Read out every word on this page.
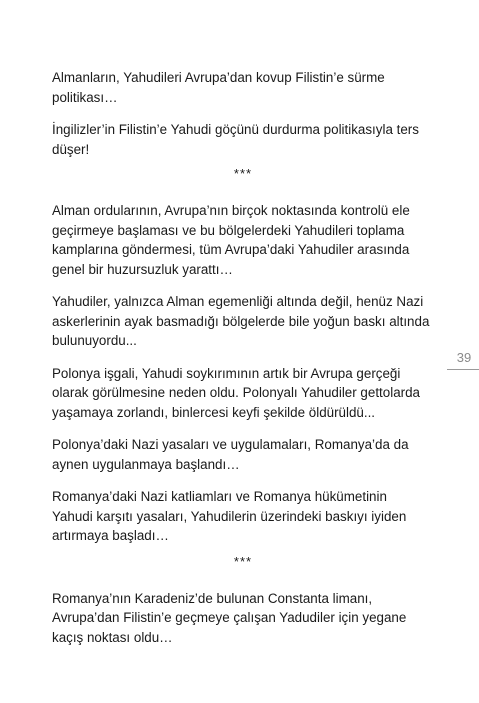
Almanların, Yahudileri Avrupa’dan kovup Filistin’e sürme politikası…

İngilizler’in Filistin’e Yahudi göçünü durdurma politikasıyla ters düşer!

***

Alman ordularının, Avrupa’nın birçok noktasında kontrolü ele geçirmeye başlaması ve bu bölgelerdeki Yahudileri toplama kamplarına göndermesi, tüm Avrupa’daki Yahudiler arasında genel bir huzursuzluk yarattı…

Yahudiler, yalnızca Alman egemenliği altında değil, henüz Nazi askerlerinin ayak basmadığı bölgelerde bile yoğun baskı altında bulunuyordu...

Polonya işgali, Yahudi soykırımının artık bir Avrupa gerçeği olarak görülmesine neden oldu. Polonyalı Yahudiler gettolarda yaşamaya zorlandı, binlercesi keyfi şekilde öldürüldü...

Polonya’daki Nazi yasaları ve uygulamaları, Romanya’da da aynen uygulanmaya başlandı…

Romanya’daki Nazi katliamları ve Romanya hükümetinin Yahudi karşıtı yasaları, Yahudilerin üzerindeki baskıyı iyiden artırmaya başladı…

***

Romanya’nın Karadeniz’de bulunan Constanta limanı, Avrupa’dan Filistin’e geçmeye çalışan Yadudiler için yegane kaçış noktası oldu…

39
